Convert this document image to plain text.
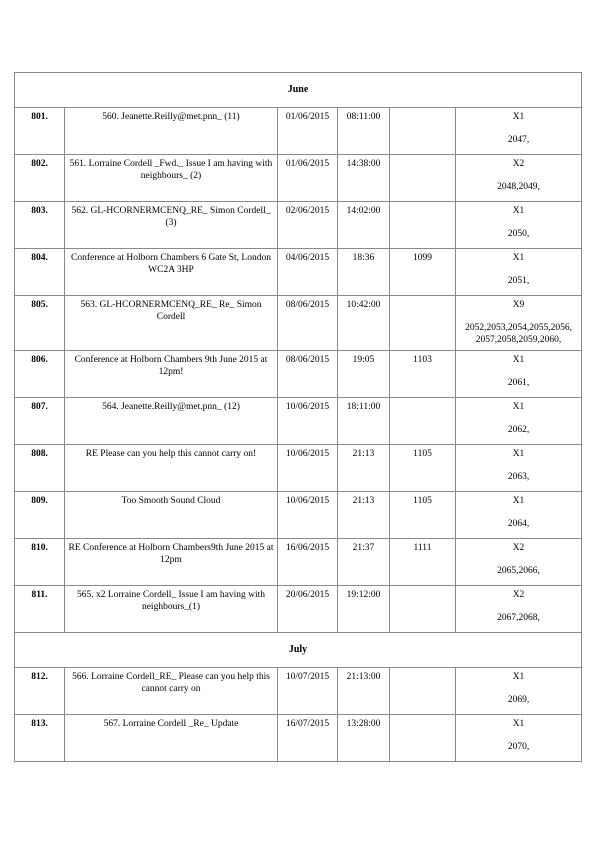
June					
801.	560. Jeanette.Reilly@met.pnn_ (11)	01/06/2015	08:11:00		X1
2047,

802.	561. Lorraine Cordell _Fwd._ Issue I am having with neighbours_ (2)	01/06/2015	14:38:00		X2
2048,2049,

803.	562. GL-HCORNERMCENQ_RE_ Simon Cordell_ (3)	02/06/2015	14:02:00		X1
2050,

804.	Conference at Holborn Chambers 6 Gate St, London WC2A 3HP	04/06/2015	18:36	1099	X1
2051,

805.	563. GL-HCORNERMCENQ_RE_ Re_ Simon Cordell	08/06/2015	10:42:00		X9
2052,2053,2054,2055,2056, 2057,2058,2059,2060,

806.	Conference at Holborn Chambers 9th June 2015 at 12pm!	08/06/2015	19:05	1103	X1
2061,

807.	564. Jeanette.Reilly@met.pnn_ (12)	10/06/2015	18:11:00		X1
2062,

808.	RE Please can you help this cannot carry on!	10/06/2015	21:13	1105	X1
2063,

809.	Too Smooth Sound Cloud	10/06/2015	21:13	1105	X1
2064,

810.	RE Conference at Holborn Chambers9th June 2015 at 12pm	16/06/2015	21:37	1111	X2
2065,2066,

811.	565. x2 Lorraine Cordell_ Issue I am having with neighbours_(1)	20/06/2015	19:12:00		X2
2067,2068,

July					
812.	566. Lorraine Cordell_RE_ Please can you help this cannot carry on	10/07/2015	21:13:00		X1
2069,

813.	567. Lorraine Cordell _Re_ Update	16/07/2015	13:28:00		X1
2070,
